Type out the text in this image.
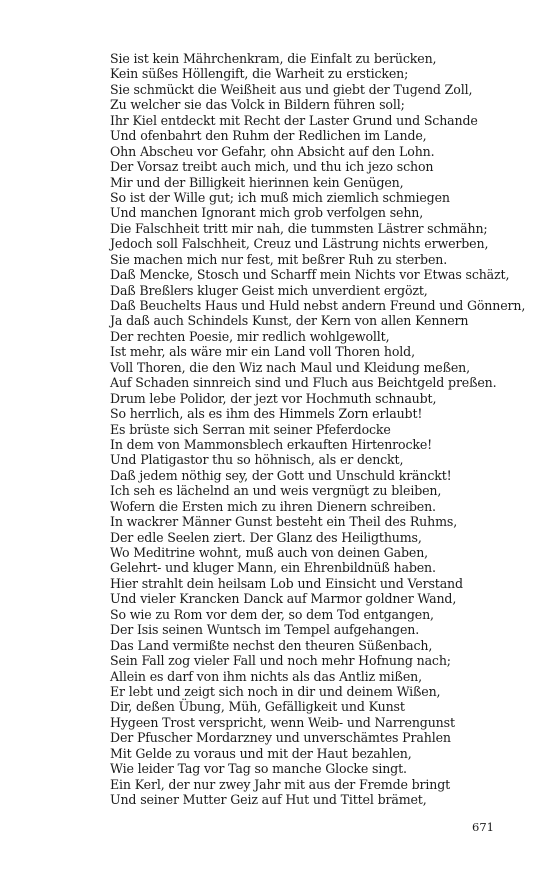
Sie ist kein Mährchenkram, die Einfalt zu berücken,
Kein süßes Höllengift, die Warheit zu ersticken;
Sie schmückt die Weißheit aus und giebt der Tugend Zoll,
Zu welcher sie das Volck in Bildern führen soll;
Ihr Kiel entdeckt mit Recht der Laster Grund und Schande
Und ofenbahrt den Ruhm der Redlichen im Lande,
Ohn Abscheu vor Gefahr, ohn Absicht auf den Lohn.
Der Vorsaz treibt auch mich, und thu ich jezo schon
Mir und der Billigkeit hierinnen kein Genügen,
So ist der Wille gut; ich muß mich ziemlich schmiegen
Und manchen Ignorant mich grob verfolgen sehn,
Die Falschheit tritt mir nah, die tummsten Lästrer schmähn;
Jedoch soll Falschheit, Creuz und Lästrung nichts erwerben,
Sie machen mich nur fest, mit beßrer Ruh zu sterben.
Daß Mencke, Stosch und Scharff mein Nichts vor Etwas schäzt,
Daß Breßlers kluger Geist mich unverdient ergözt,
Daß Beuchelts Haus und Huld nebst andern Freund und Gönnern,
Ja daß auch Schindels Kunst, der Kern von allen Kennern
Der rechten Poesie, mir redlich wohlgewollt,
Ist mehr, als wäre mir ein Land voll Thoren hold,
Voll Thoren, die den Wiz nach Maul und Kleidung meßen,
Auf Schaden sinnreich sind und Fluch aus Beichtgeld preßen.
Drum lebe Polidor, der jezt vor Hochmuth schnaubt,
So herrlich, als es ihm des Himmels Zorn erlaubt!
Es brüste sich Serran mit seiner Pfeferdocke
In dem von Mammonsblech erkauften Hirtenrocke!
Und Platigastor thu so höhnisch, als er denckt,
Daß jedem nöthig sey, der Gott und Unschuld kränckt!
Ich seh es lächelnd an und weis vergnügt zu bleiben,
Wofern die Ersten mich zu ihren Dienern schreiben.
In wackrer Männer Gunst besteht ein Theil des Ruhms,
Der edle Seelen ziert. Der Glanz des Heiligthums,
Wo Meditrine wohnt, muß auch von deinen Gaben,
Gelehrt- und kluger Mann, ein Ehrenbildnüß haben.
Hier strahlt dein heilsam Lob und Einsicht und Verstand
Und vieler Krancken Danck auf Marmor goldner Wand,
So wie zu Rom vor dem der, so dem Tod entgangen,
Der Isis seinen Wuntsch im Tempel aufgehangen.
Das Land vermißte nechst den theuren Süßenbach,
Sein Fall zog vieler Fall und noch mehr Hofnung nach;
Allein es darf von ihm nichts als das Antliz mißen,
Er lebt und zeigt sich noch in dir und deinem Wißen,
Dir, deßen Übung, Müh, Gefälligkeit und Kunst
Hygeen Trost verspricht, wenn Weib- und Narrengunst
Der Pfuscher Mordarzney und unverschämtes Prahlen
Mit Gelde zu voraus und mit der Haut bezahlen,
Wie leider Tag vor Tag so manche Glocke singt.
Ein Kerl, der nur zwey Jahr mit aus der Fremde bringt
Und seiner Mutter Geiz auf Hut und Tittel brämet,
671
